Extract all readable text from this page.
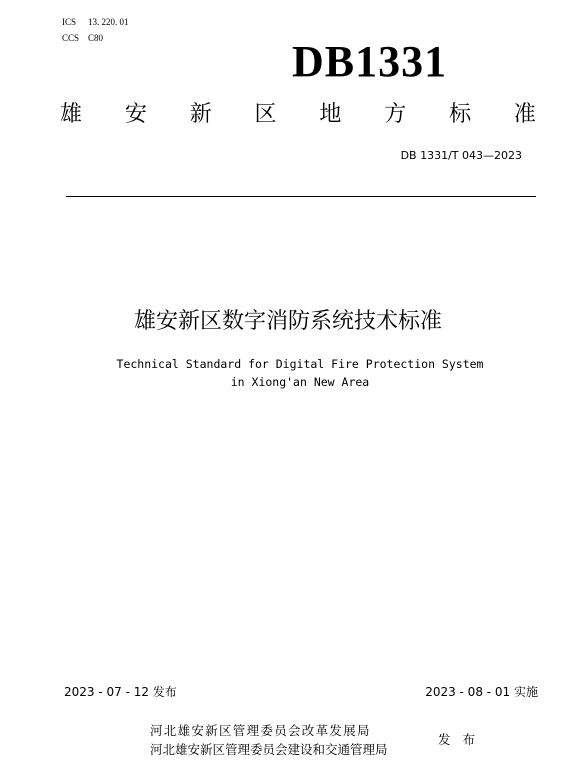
ICS 13. 220. 01
CCS C80	DB1331
雄 安 新 区 地 方 标 准
DB 1331/T 043—2023
雄安新区数字消防系统技术标准
Technical Standard for Digital Fire Protection System
in Xiong'an New Area
2023 - 07 - 12 发布	2023 - 08 - 01 实施
河北雄安新区管理委员会改革发展局
河北雄安新区管理委员会建设和交通管理局
发 布
